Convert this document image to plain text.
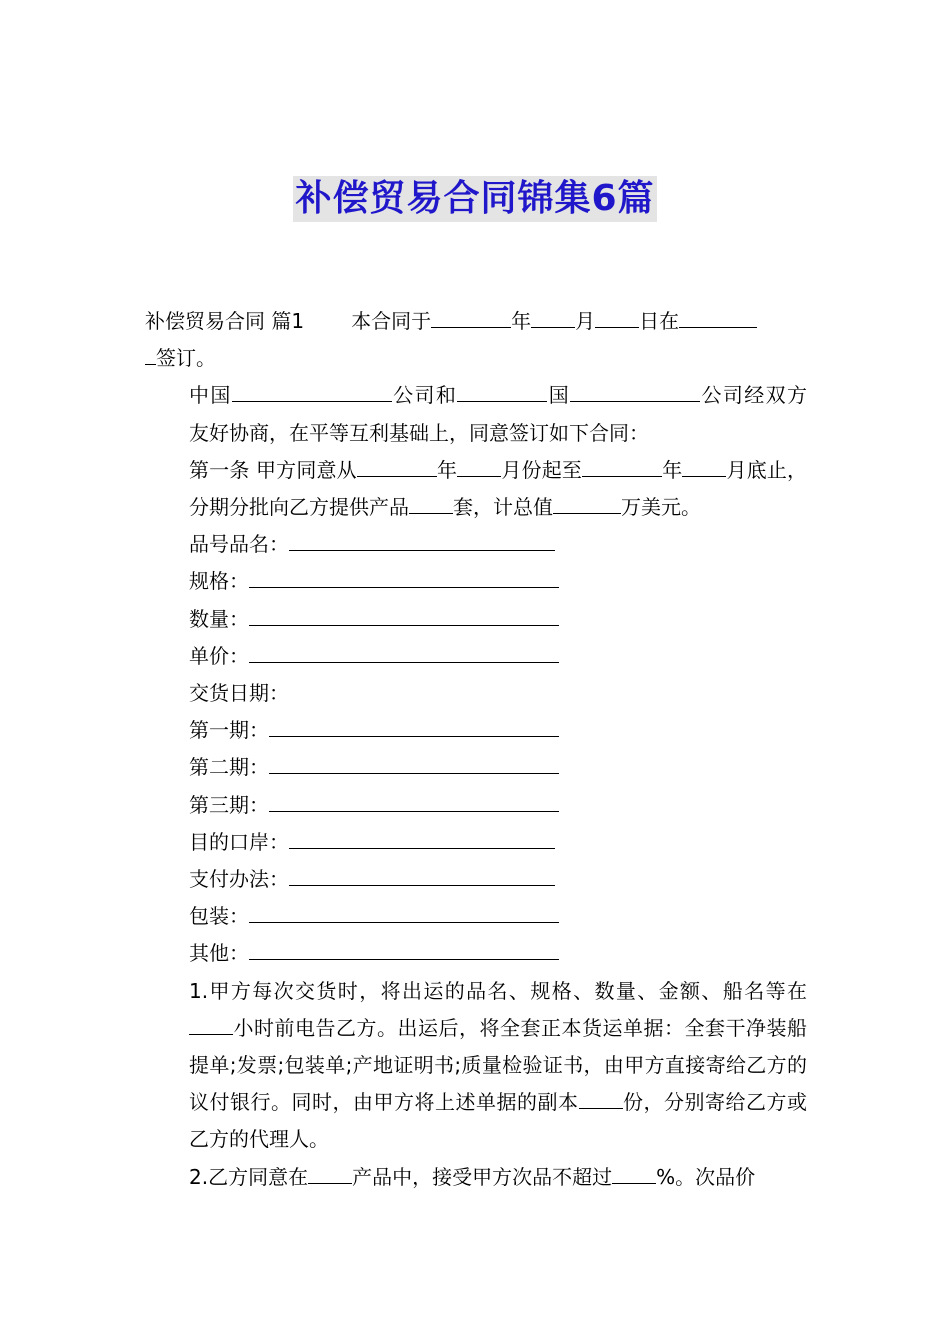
补偿贸易合同锦集6篇

补偿贸易合同 篇1 本合同于	年 月 日在

签订。

中国	公司和	国	公司经双方友好协商，在平等互利基础上，同意签订如下合同：

第一条 甲方同意从	年 月份起至	年 月底止，分期分批向乙方提供产品 套，计总值	万美元。

品号品名：
规格：
数量：
单价：
交货日期：
第一期：
第二期：
第三期：
目的口岸：
支付办法：
包装：
其他：

1.甲方每次交货时，将出运的品名、规格、数量、金额、船名等在小时前电告乙方。出运后，将全套正本货运单据：全套干净装船提单;发票;包装单;产地证明书;质量检验证书，由甲方直接寄给乙方的议付银行。同时，由甲方将上述单据的副本 份，分别寄给乙方或乙方的代理人。

2.乙方同意在 产品中，接受甲方次品不超过 %。次品价
